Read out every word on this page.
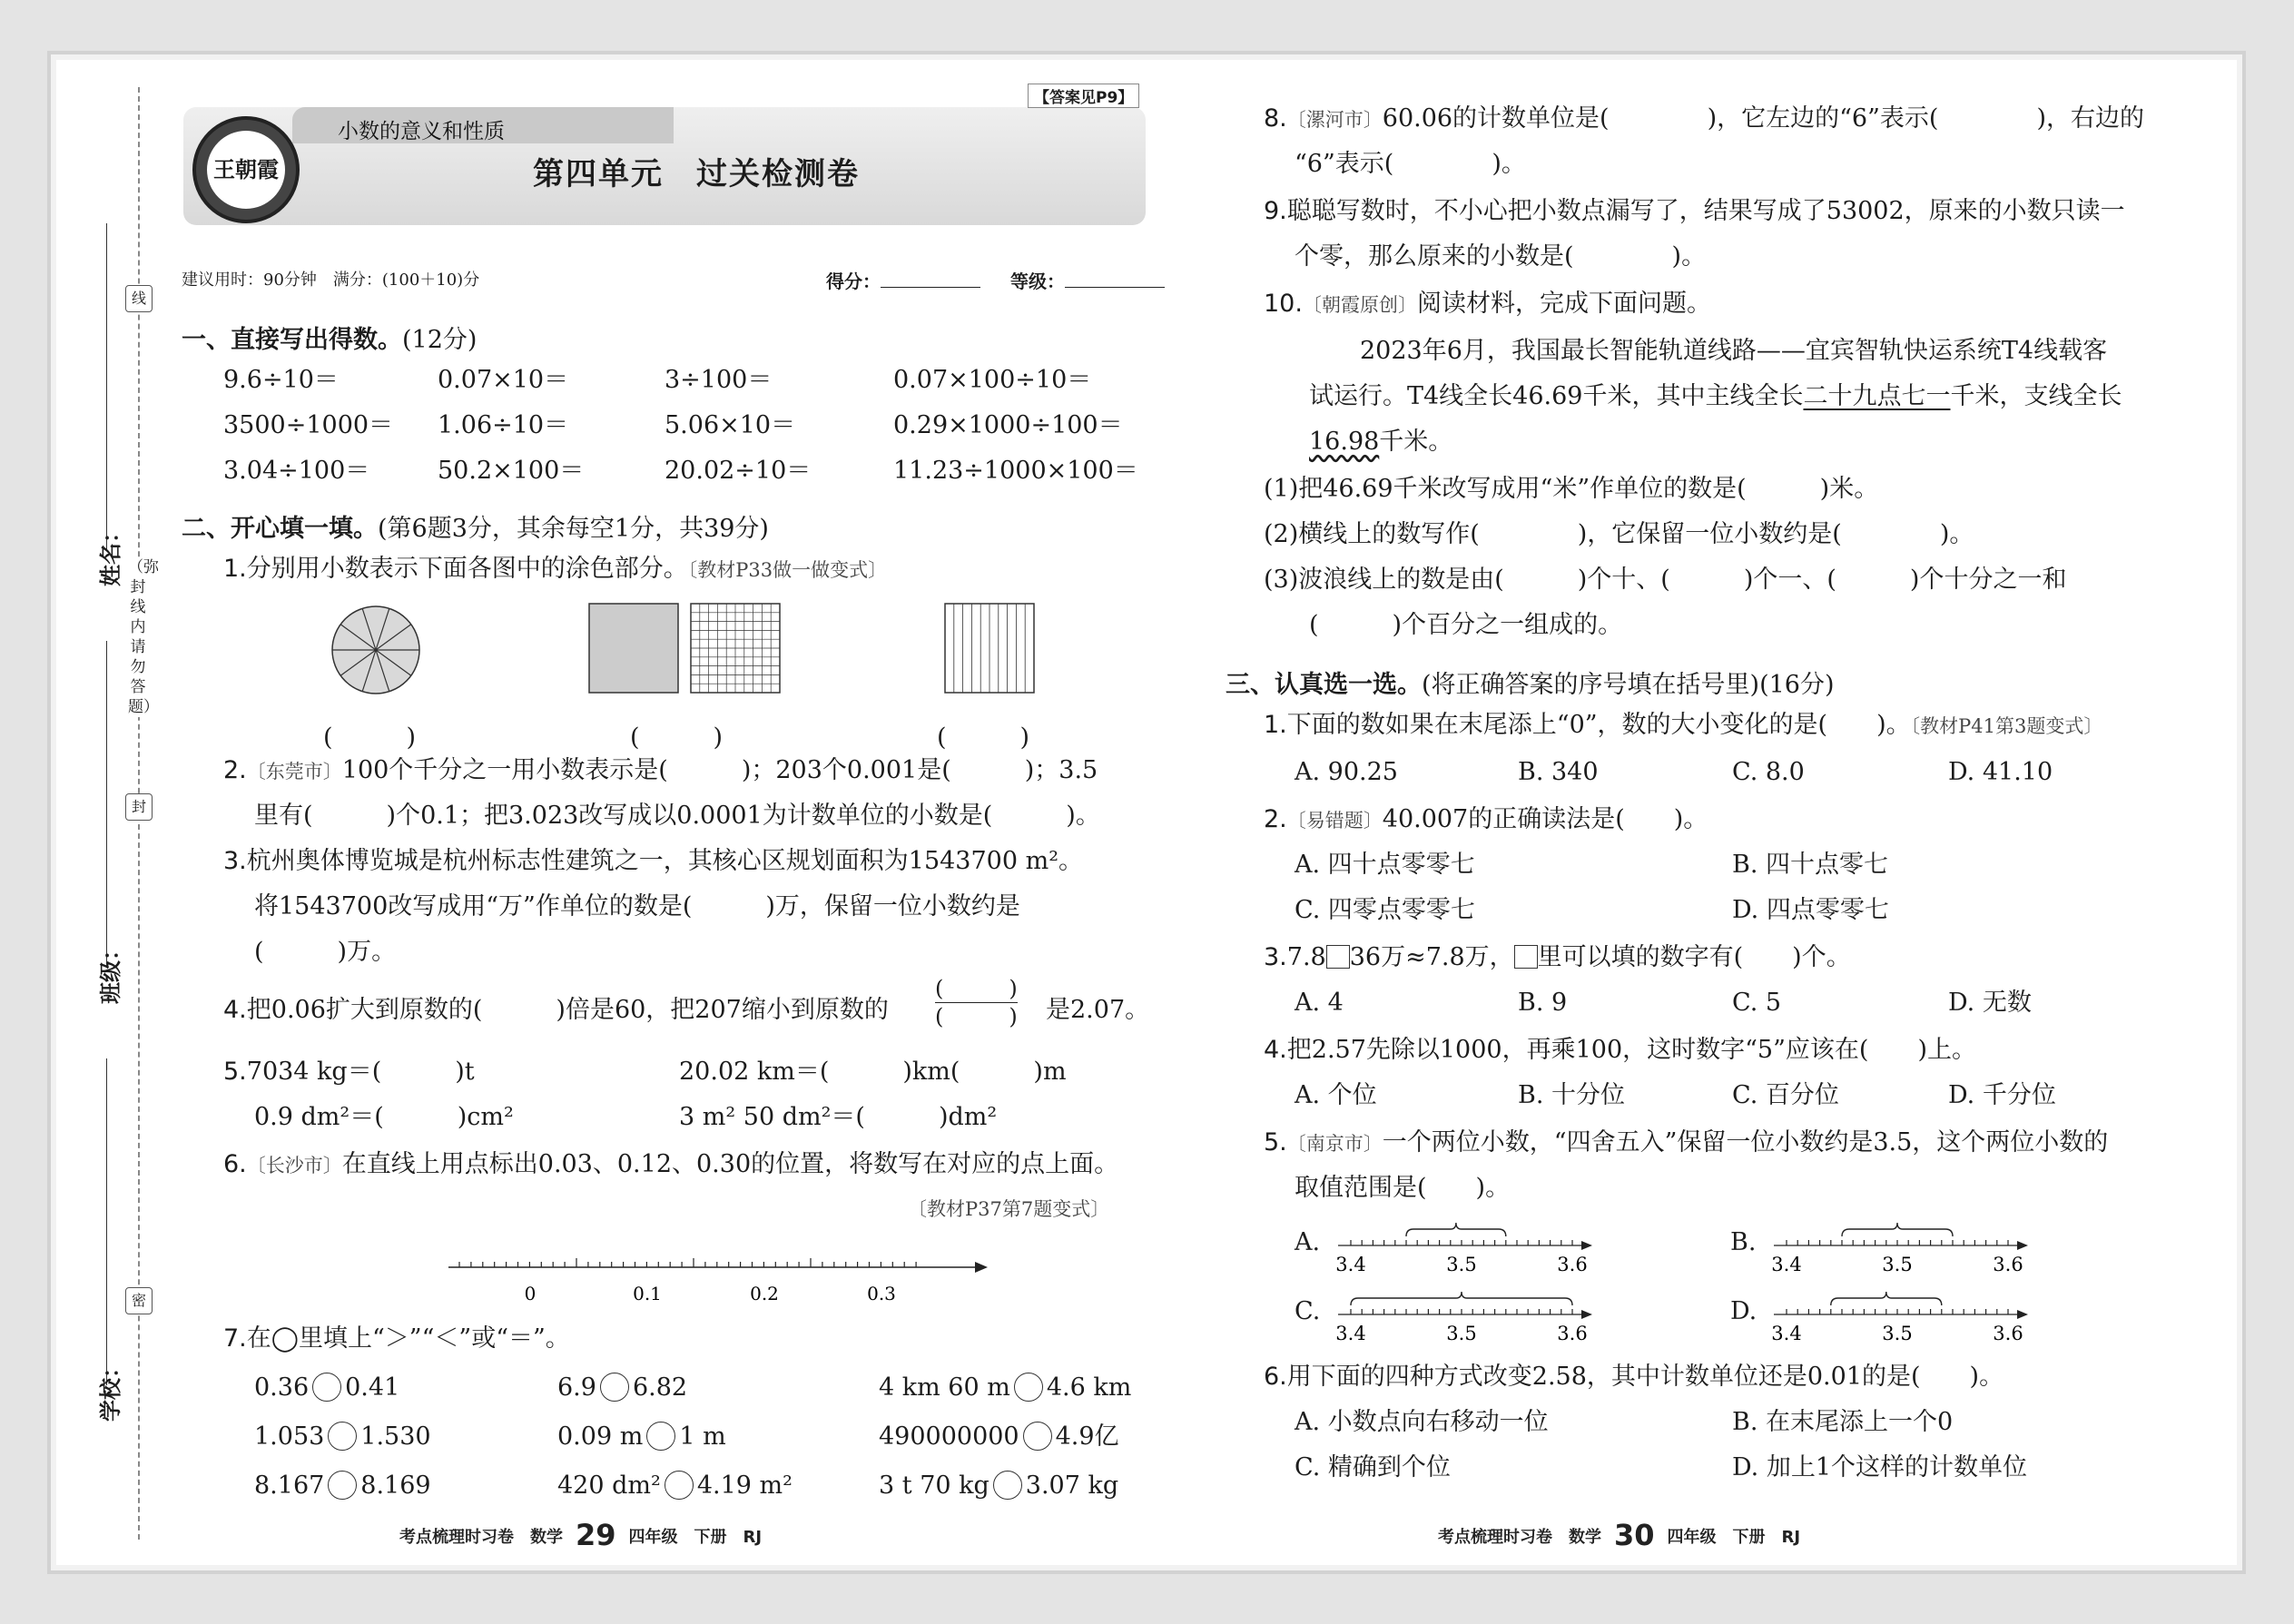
姓名：
班级：
学校：
线
封
密
（弥封线内请勿答题）
王朝霞
小数的意义和性质
【答案见P9】
第四单元　过关检测卷
建议用时：90分钟　满分：(100＋10)分	得分：	等级：
一、直接写出得数。(12分)
9.6÷10＝	0.07×10＝	3÷100＝	0.07×100÷10＝
3500÷1000＝ 1.06÷10＝	5.06×10＝	0.29×1000÷100＝
3.04÷100＝	50.2×100＝	20.02÷10＝	11.23÷1000×100＝
二、开心填一填。(第6题3分，其余每空1分，共39分)
1.分别用小数表示下面各图中的涂色部分。〔教材P33做一做变式〕
(　　　)	(　　　)	(　　　)
2.〔东莞市〕100个千分之一用小数表示是(　　　)；203个0.001是(　　　)；3.5
里有(　　　)个0.1；把3.023改写成以0.0001为计数单位的小数是(　　　)。
3.杭州奥体博览城是杭州标志性建筑之一，其核心区规划面积为1543700 m²。
将1543700改写成用“万”作单位的数是(　　　)万，保留一位小数约是
(　　　)万。
4.把0.06扩大到原数的(　　　)倍是60，把207缩小到原数的
(　　　)
(　　　) 是2.07。
5.7034 kg＝(　　　)t	20.02 km＝(　　　)km(　　　)m
0.9 dm²＝(　　　)cm²	3 m² 50 dm²＝(　　　)dm²
6.〔长沙市〕在直线上用点标出0.03、0.12、0.30的位置，将数写在对应的点上面。
〔教材P37第7题变式〕
0	0.1	0.2	0.3
7.在◯里填上“＞”“＜”或“＝”。
0.36 0.41	6.9 6.82	4 km 60 m 4.6 km
1.053 1.530	0.09 m 1 m	490000000 4.9亿
8.167 8.169	420 dm² 4.19 m²	3 t 70 kg 3.07 kg
考点梳理时习卷　数学 29 四年级　下册　RJ
8.〔漯河市〕60.06的计数单位是(　　　　)，它左边的“6”表示(　　　　)，右边的
“6”表示(　　　　)。
9.聪聪写数时，不小心把小数点漏写了，结果写成了53002，原来的小数只读一
个零，那么原来的小数是(　　　　)。
10.〔朝霞原创〕阅读材料，完成下面问题。
2023年6月，我国最长智能轨道线路——宜宾智轨快运系统T4线载客
试运行。T4线全长46.69千米，其中主线全长二十九点七一千米，支线全长
16.98千米。
(1)把46.69千米改写成用“米”作单位的数是(　　　)米。
(2)横线上的数写作(　　　　)，它保留一位小数约是(　　　　)。
(3)波浪线上的数是由(　　　)个十、(　　　)个一、(　　　)个十分之一和
(　　　)个百分之一组成的。
三、认真选一选。(将正确答案的序号填在括号里)(16分)
1.下面的数如果在末尾添上“0”，数的大小变化的是(　　)。〔教材P41第3题变式〕
A. 90.25	B. 340	C. 8.0	D. 41.10
2.〔易错题〕40.007的正确读法是(　　)。
A. 四十点零零七	B. 四十点零七
C. 四零点零零七	D. 四点零零七
3.7.8 36万≈7.8万， 里可以填的数字有(　　)个。
A. 4	B. 9	C. 5	D. 无数
4.把2.57先除以1000，再乘100，这时数字“5”应该在(　　)上。
A. 个位	B. 十分位	C. 百分位	D. 千分位
5.〔南京市〕一个两位小数，“四舍五入”保留一位小数约是3.5，这个两位小数的
取值范围是(　　)。
A.	B.
C.	D.
3.4	3.5	3.6	3.4	3.5	3.6
3.4	3.5	3.6	3.4	3.5	3.6
6.用下面的四种方式改变2.58，其中计数单位还是0.01的是(　　)。
A. 小数点向右移动一位	B. 在末尾添上一个0
C. 精确到个位	D. 加上1个这样的计数单位
考点梳理时习卷　数学 30 四年级　下册　RJ
